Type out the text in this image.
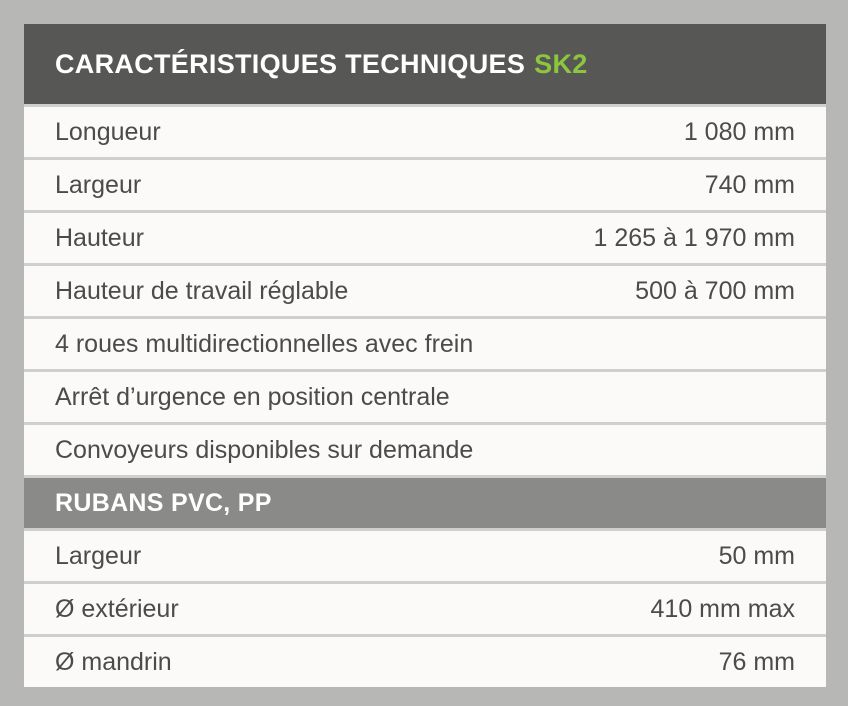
CARACTÉRISTIQUES TECHNIQUES SK2
Longueur	1 080 mm
Largeur	740 mm
Hauteur	1 265 à 1 970 mm
Hauteur de travail réglable	500 à 700 mm
4 roues multidirectionnelles avec frein
Arrêt d’urgence en position centrale
Convoyeurs disponibles sur demande
RUBANS PVC, PP
Largeur	50 mm
Ø extérieur	410 mm max
Ø mandrin	76 mm
